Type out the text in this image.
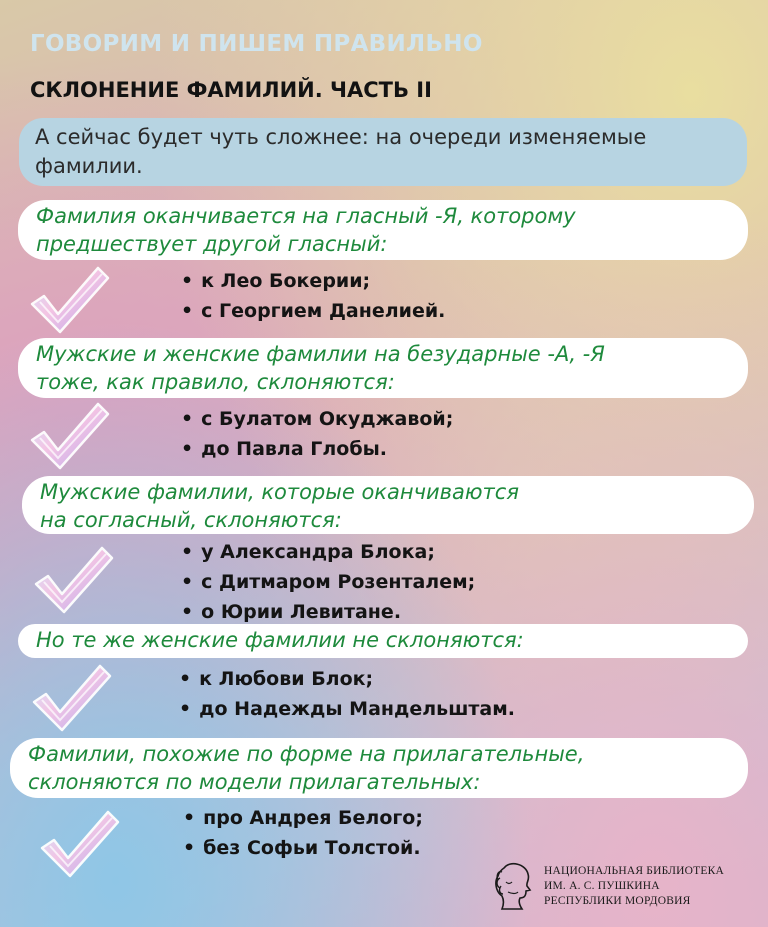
ГОВОРИМ И ПИШЕМ ПРАВИЛЬНО
СКЛОНЕНИЕ ФАМИЛИЙ. ЧАСТЬ II
А сейчас будет чуть сложнее: на очереди изменяемые фамилии.
Фамилия оканчивается на гласный -Я, которому
предшествует другой гласный:
• к Лео Бокерии;
• с Георгием Данелией.
Мужские и женские фамилии на безударные -А, -Я
тоже, как правило, склоняются:
• с Булатом Окуджавой;
• до Павла Глобы.
Мужские фамилии, которые оканчиваются
на согласный, склоняются:
• у Александра Блока;
• с Дитмаром Розенталем;
• о Юрии Левитане.
Но те же женские фамилии не склоняются:
• к Любови Блок;
• до Надежды Мандельштам.
Фамилии, похожие по форме на прилагательные,
склоняются по модели прилагательных:
• про Андрея Белого;
• без Софьи Толстой.
НАЦИОНАЛЬНАЯ БИБЛИОТЕКА
ИМ. А. С. ПУШКИНА
РЕСПУБЛИКИ МОРДОВИЯ
